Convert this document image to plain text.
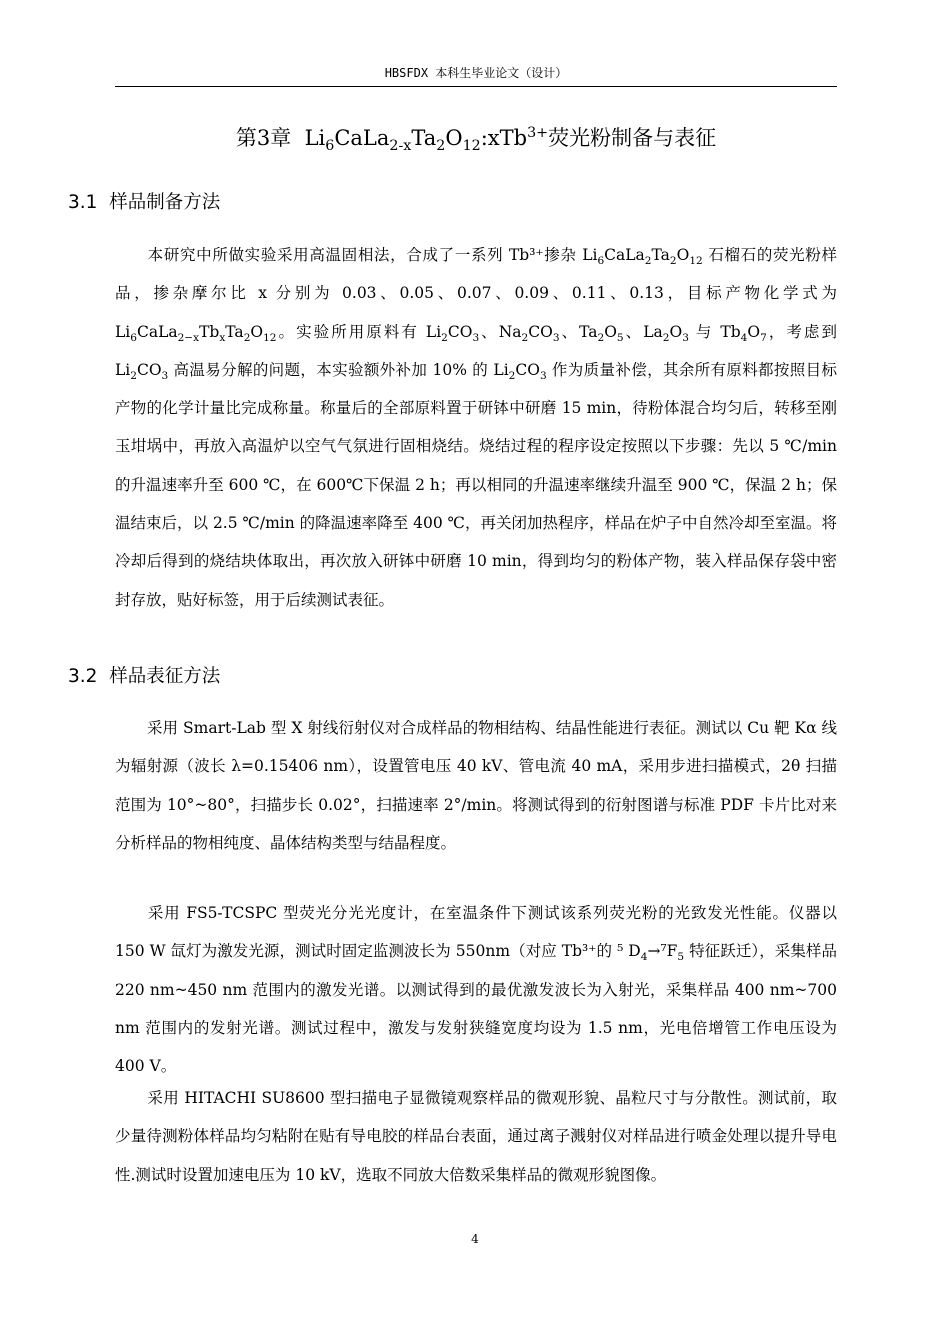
HBSFDX 本科生毕业论文（设计）
第3章 $Li_6CaLa_{2-x}Ta_2O_{12}:xTb^{3+}$荧光粉制备与表征
3.1 样品制备方法

本研究中所做实验采用高温固相法，合成了一系列 Tb³⁺掺杂 $Li_6CaLa_2Ta_2O_{12}$ 石榴石的荧光粉样品，掺杂摩尔比 x 分别为 0.03、0.05、0.07、0.09、0.11、0.13，目标产物化学式为 $Li_6CaLa_{2-x}Tb_xTa_2O_{12}$。实验所用原料有 $Li_2CO_3$、$Na_2CO_3$、$Ta_2O_5$、$La_2O_3$ 与 $Tb_4O_7$，考虑到 $Li_2CO_3$ 高温易分解的问题，本实验额外补加 10% 的 $Li_2CO_3$ 作为质量补偿，其余所有原料都按照目标产物的化学计量比完成称量。称量后的全部原料置于研钵中研磨 15 min，待粉体混合均匀后，转移至刚玉坩埚中，再放入高温炉以空气气氛进行固相烧结。烧结过程的程序设定按照以下步骤：先以 5 ℃/min 的升温速率升至 600 ℃，在 600℃下保温 2 h；再以相同的升温速率继续升温至 900 ℃，保温 2 h；保温结束后，以 2.5 ℃/min 的降温速率降至 400 ℃，再关闭加热程序，样品在炉子中自然冷却至室温。将冷却后得到的烧结块体取出，再次放入研钵中研磨 10 min，得到均匀的粉体产物，装入样品保存袋中密封存放，贴好标签，用于后续测试表征。

3.2 样品表征方法

采用 Smart-Lab 型 X 射线衍射仪对合成样品的物相结构、结晶性能进行表征。测试以 Cu 靶 Kα 线为辐射源（波长 λ=0.15406 nm），设置管电压 40 kV、管电流 40 mA，采用步进扫描模式，2θ 扫描范围为 10°~80°，扫描步长 0.02°，扫描速率 2°/min。将测试得到的衍射图谱与标准 PDF 卡片比对来分析样品的物相纯度、晶体结构类型与结晶程度。

采用 FS5-TCSPC 型荧光分光光度计，在室温条件下测试该系列荧光粉的光致发光性能。仪器以 150 W 氙灯为激发光源，测试时固定监测波长为 550nm（对应 Tb³⁺的 ⁵ $D_4\to^7F_5$ 特征跃迁），采集样品 220 nm~450 nm 范围内的激发光谱。以测试得到的最优激发波长为入射光，采集样品 400 nm~700 nm 范围内的发射光谱。测试过程中，激发与发射狭缝宽度均设为 1.5 nm，光电倍增管工作电压设为 400 V。

采用 HITACHI SU8600 型扫描电子显微镜观察样品的微观形貌、晶粒尺寸与分散性。测试前，取少量待测粉体样品均匀粘附在贴有导电胶的样品台表面，通过离子溅射仪对样品进行喷金处理以提升导电性.测试时设置加速电压为 10 kV，选取不同放大倍数采集样品的微观形貌图像。

4
